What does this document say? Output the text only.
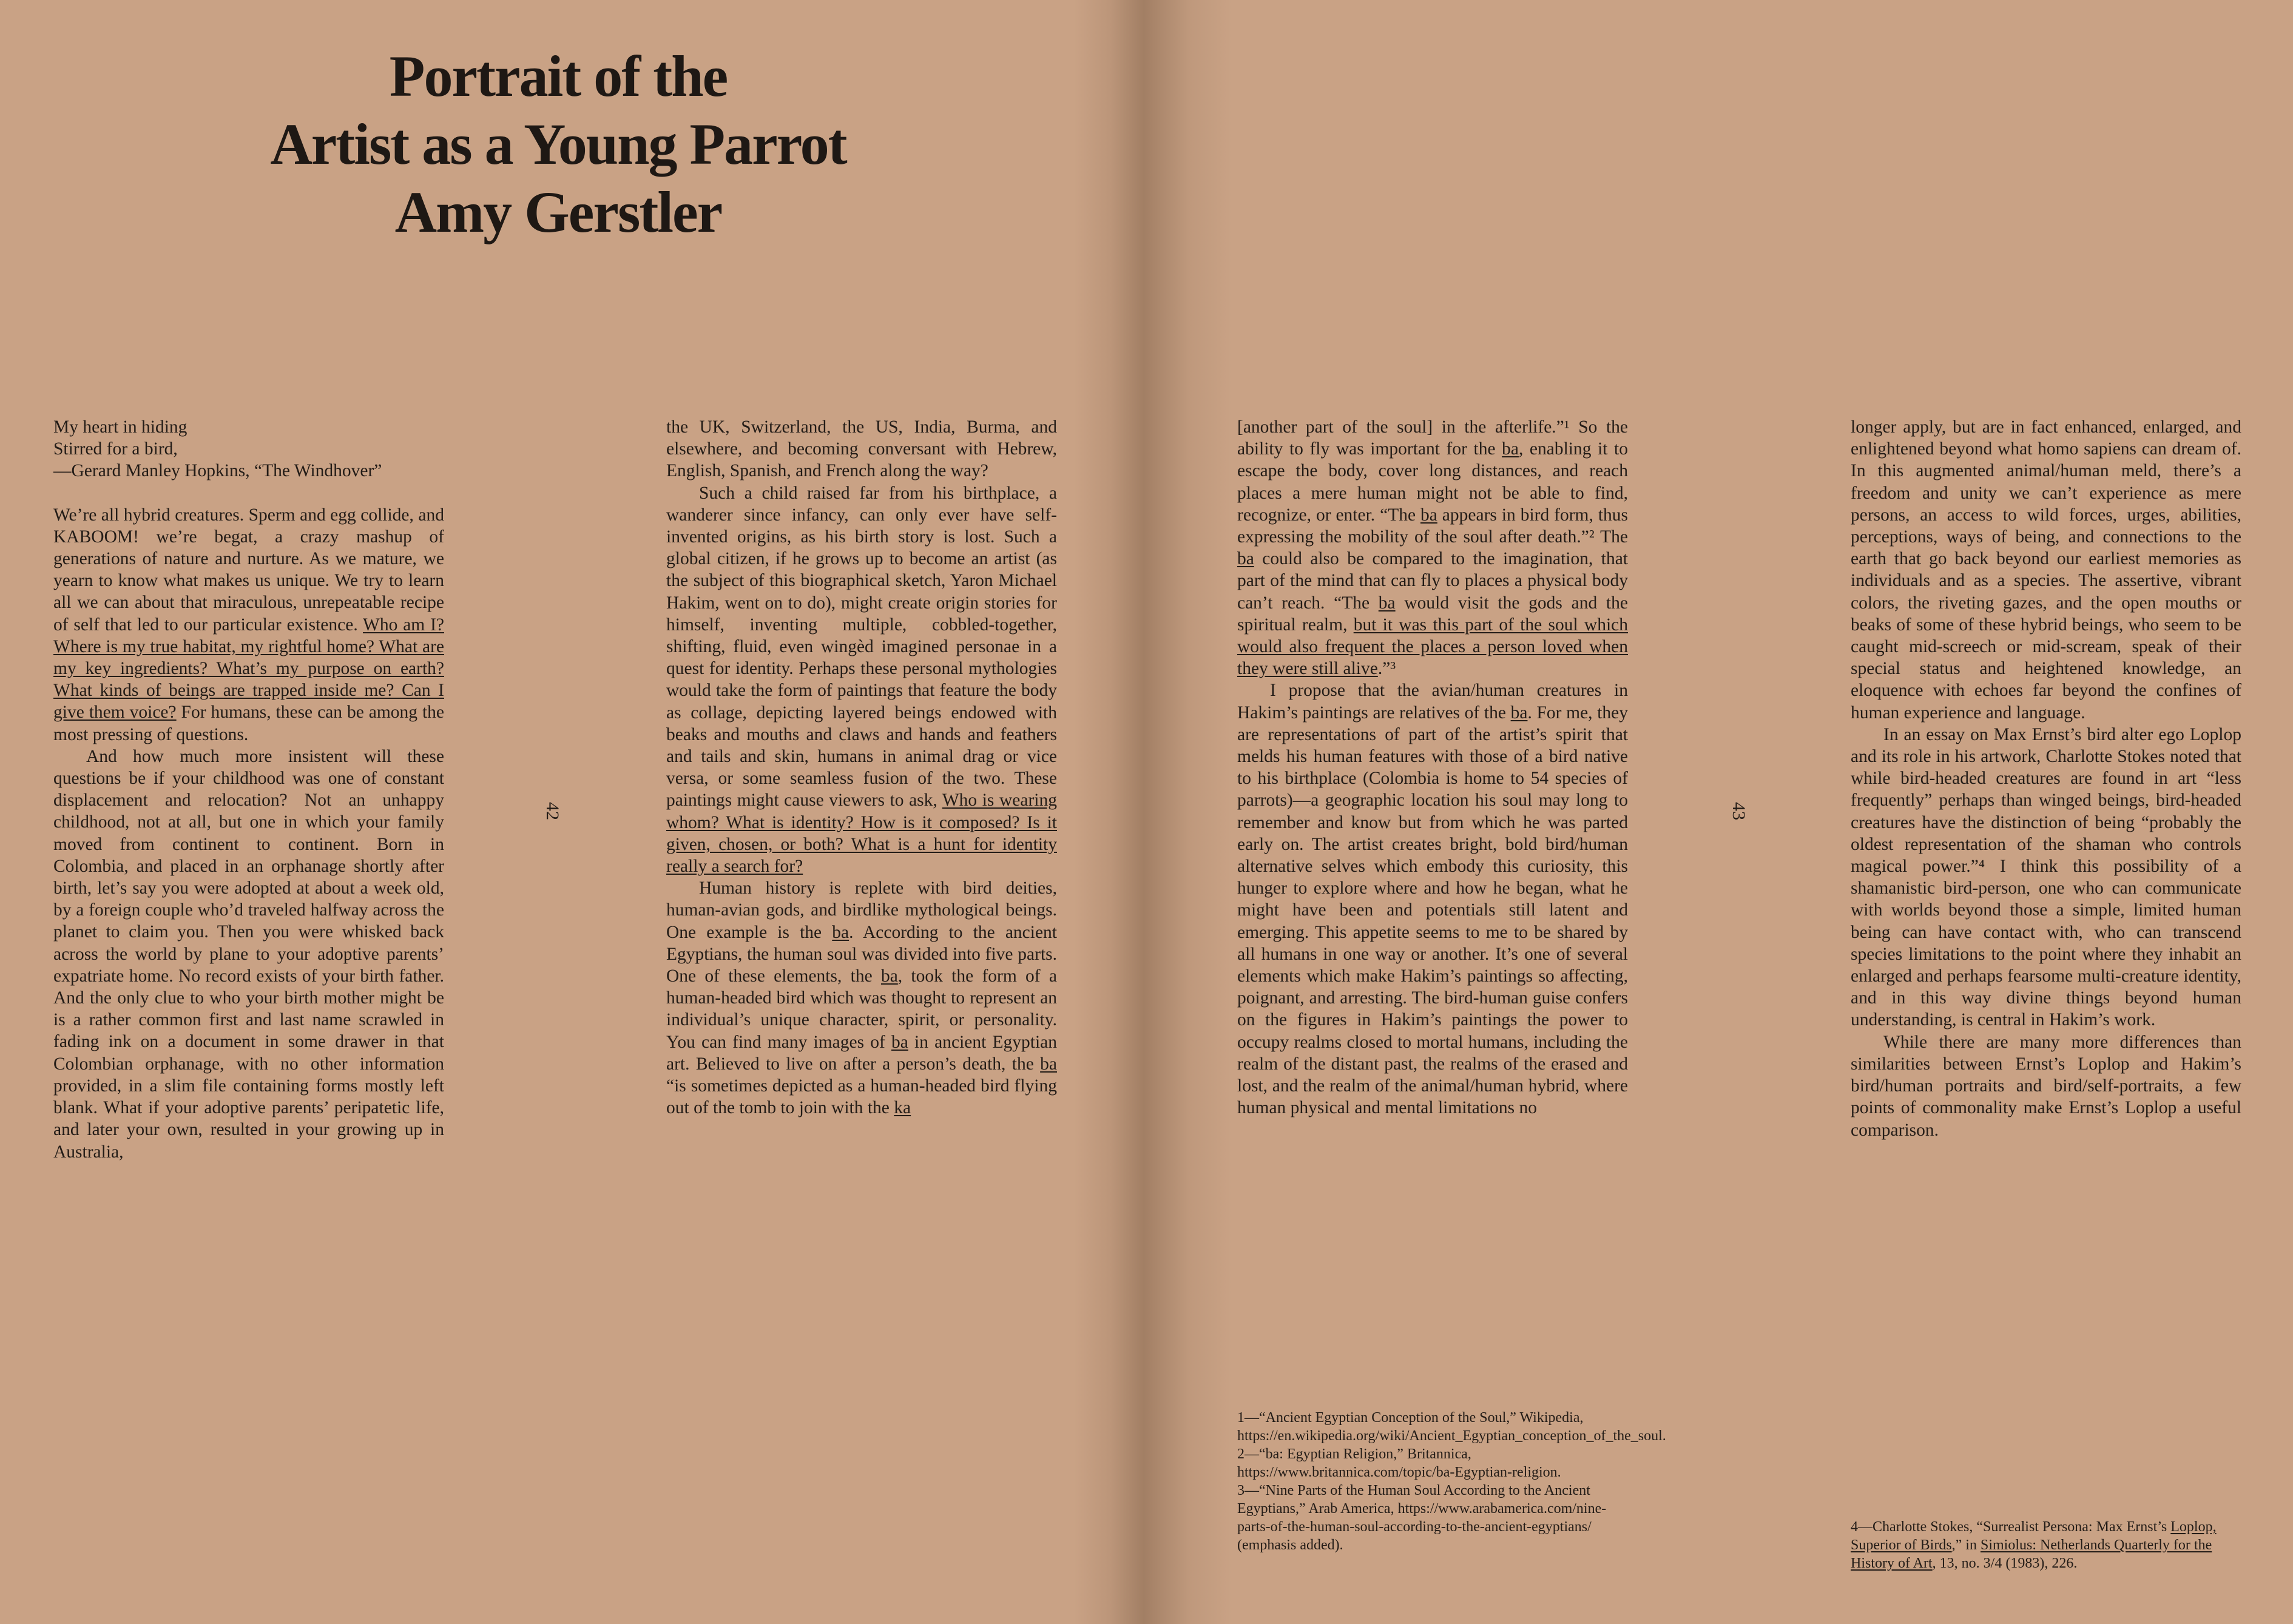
Portrait of the
Artist as a Young Parrot
Amy Gerstler

My heart in hiding

Stirred for a bird,

—Gerard Manley Hopkins, “The Windhover”

We’re all hybrid creatures. Sperm and egg collide, and KABOOM! we’re begat, a crazy mashup of generations of nature and nurture. As we mature, we yearn to know what makes us unique. We try to learn all we can about that miraculous, unrepeatable recipe of self that led to our particular existence. Who am I? Where is my true habitat, my rightful home? What are my key ingredients? What’s my purpose on earth? What kinds of beings are trapped inside me? Can I give them voice? For humans, these can be among the most pressing of questions.

And how much more insistent will these questions be if your childhood was one of constant displacement and relocation? Not an unhappy childhood, not at all, but one in which your family moved from continent to continent. Born in Colombia, and placed in an orphanage shortly after birth, let’s say you were adopted at about a week old, by a foreign couple who’d traveled halfway across the planet to claim you. Then you were whisked back across the world by plane to your adoptive parents’ expatriate home. No record exists of your birth father. And the only clue to who your birth mother might be is a rather common first and last name scrawled in fading ink on a document in some drawer in that Colombian orphanage, with no other information provided, in a slim file containing forms mostly left blank. What if your adoptive parents’ peripatetic life, and later your own, resulted in your growing up in Australia,

42

the UK, Switzerland, the US, India, Burma, and elsewhere, and becoming conversant with Hebrew, English, Spanish, and French along the way?

Such a child raised far from his birthplace, a wanderer since infancy, can only ever have self-invented origins, as his birth story is lost. Such a global citizen, if he grows up to become an artist (as the subject of this biographical sketch, Yaron Michael Hakim, went on to do), might create origin stories for himself, inventing multiple, cobbled-together, shifting, fluid, even wingèd imagined personae in a quest for identity. Perhaps these personal mythologies would take the form of paintings that feature the body as collage, depicting layered beings endowed with beaks and mouths and claws and hands and feathers and tails and skin, humans in animal drag or vice versa, or some seamless fusion of the two. These paintings might cause viewers to ask, Who is wearing whom? What is identity? How is it composed? Is it given, chosen, or both? What is a hunt for identity really a search for?

Human history is replete with bird deities, human-avian gods, and birdlike mythological beings. One example is the ba. According to the ancient Egyptians, the human soul was divided into five parts. One of these elements, the ba, took the form of a human-headed bird which was thought to represent an individual’s unique character, spirit, or personality. You can find many images of ba in ancient Egyptian art. Believed to live on after a person’s death, the ba “is sometimes depicted as a human-headed bird flying out of the tomb to join with the ka

[another part of the soul] in the afterlife.”¹ So the ability to fly was important for the ba, enabling it to escape the body, cover long distances, and reach places a mere human might not be able to find, recognize, or enter. “The ba appears in bird form, thus expressing the mobility of the soul after death.”² The ba could also be compared to the imagination, that part of the mind that can fly to places a physical body can’t reach. “The ba would visit the gods and the spiritual realm, but it was this part of the soul which would also frequent the places a person loved when they were still alive.”³

I propose that the avian/human creatures in Hakim’s paintings are relatives of the ba. For me, they are representations of part of the artist’s spirit that melds his human features with those of a bird native to his birthplace (Colombia is home to 54 species of parrots)—a geographic location his soul may long to remember and know but from which he was parted early on. The artist creates bright, bold bird/human alternative selves which embody this curiosity, this hunger to explore where and how he began, what he might have been and potentials still latent and emerging. This appetite seems to me to be shared by all humans in one way or another. It’s one of several elements which make Hakim’s paintings so affecting, poignant, and arresting. The bird-human guise confers on the figures in Hakim’s paintings the power to occupy realms closed to mortal humans, including the realm of the distant past, the realms of the erased and lost, and the realm of the animal/human hybrid, where human physical and mental limitations no

43

longer apply, but are in fact enhanced, enlarged, and enlightened beyond what homo sapiens can dream of. In this augmented animal/human meld, there’s a freedom and unity we can’t experience as mere persons, an access to wild forces, urges, abilities, perceptions, ways of being, and connections to the earth that go back beyond our earliest memories as individuals and as a species. The assertive, vibrant colors, the riveting gazes, and the open mouths or beaks of some of these hybrid beings, who seem to be caught mid-screech or mid-scream, speak of their special status and heightened knowledge, an eloquence with echoes far beyond the confines of human experience and language.

In an essay on Max Ernst’s bird alter ego Loplop and its role in his artwork, Charlotte Stokes noted that while bird-headed creatures are found in art “less frequently” perhaps than winged beings, bird-headed creatures have the distinction of being “probably the oldest representation of the shaman who controls magical power.”⁴ I think this possibility of a shamanistic bird-person, one who can communicate with worlds beyond those a simple, limited human being can have contact with, who can transcend species limitations to the point where they inhabit an enlarged and perhaps fearsome multi-creature identity, and in this way divine things beyond human understanding, is central in Hakim’s work.

While there are many more differences than similarities between Ernst’s Loplop and Hakim’s bird/human portraits and bird/self-portraits, a few points of commonality make Ernst’s Loplop a useful comparison.

1—“Ancient Egyptian Conception of the Soul,” Wikipedia, https://en.wikipedia.org/wiki/Ancient_Egyptian_conception_of_the_soul.

2—“ba: Egyptian Religion,” Britannica, https://www.britannica.com/topic/ba-Egyptian-religion.

3—“Nine Parts of the Human Soul According to the Ancient Egyptians,” Arab America, https://www.arabamerica.com/nine-parts-of-the-human-soul-according-to-the-ancient-egyptians/ (emphasis added).

4—Charlotte Stokes, “Surrealist Persona: Max Ernst’s Loplop, Superior of Birds,” in Simiolus: Netherlands Quarterly for the History of Art, 13, no. 3/4 (1983), 226.
